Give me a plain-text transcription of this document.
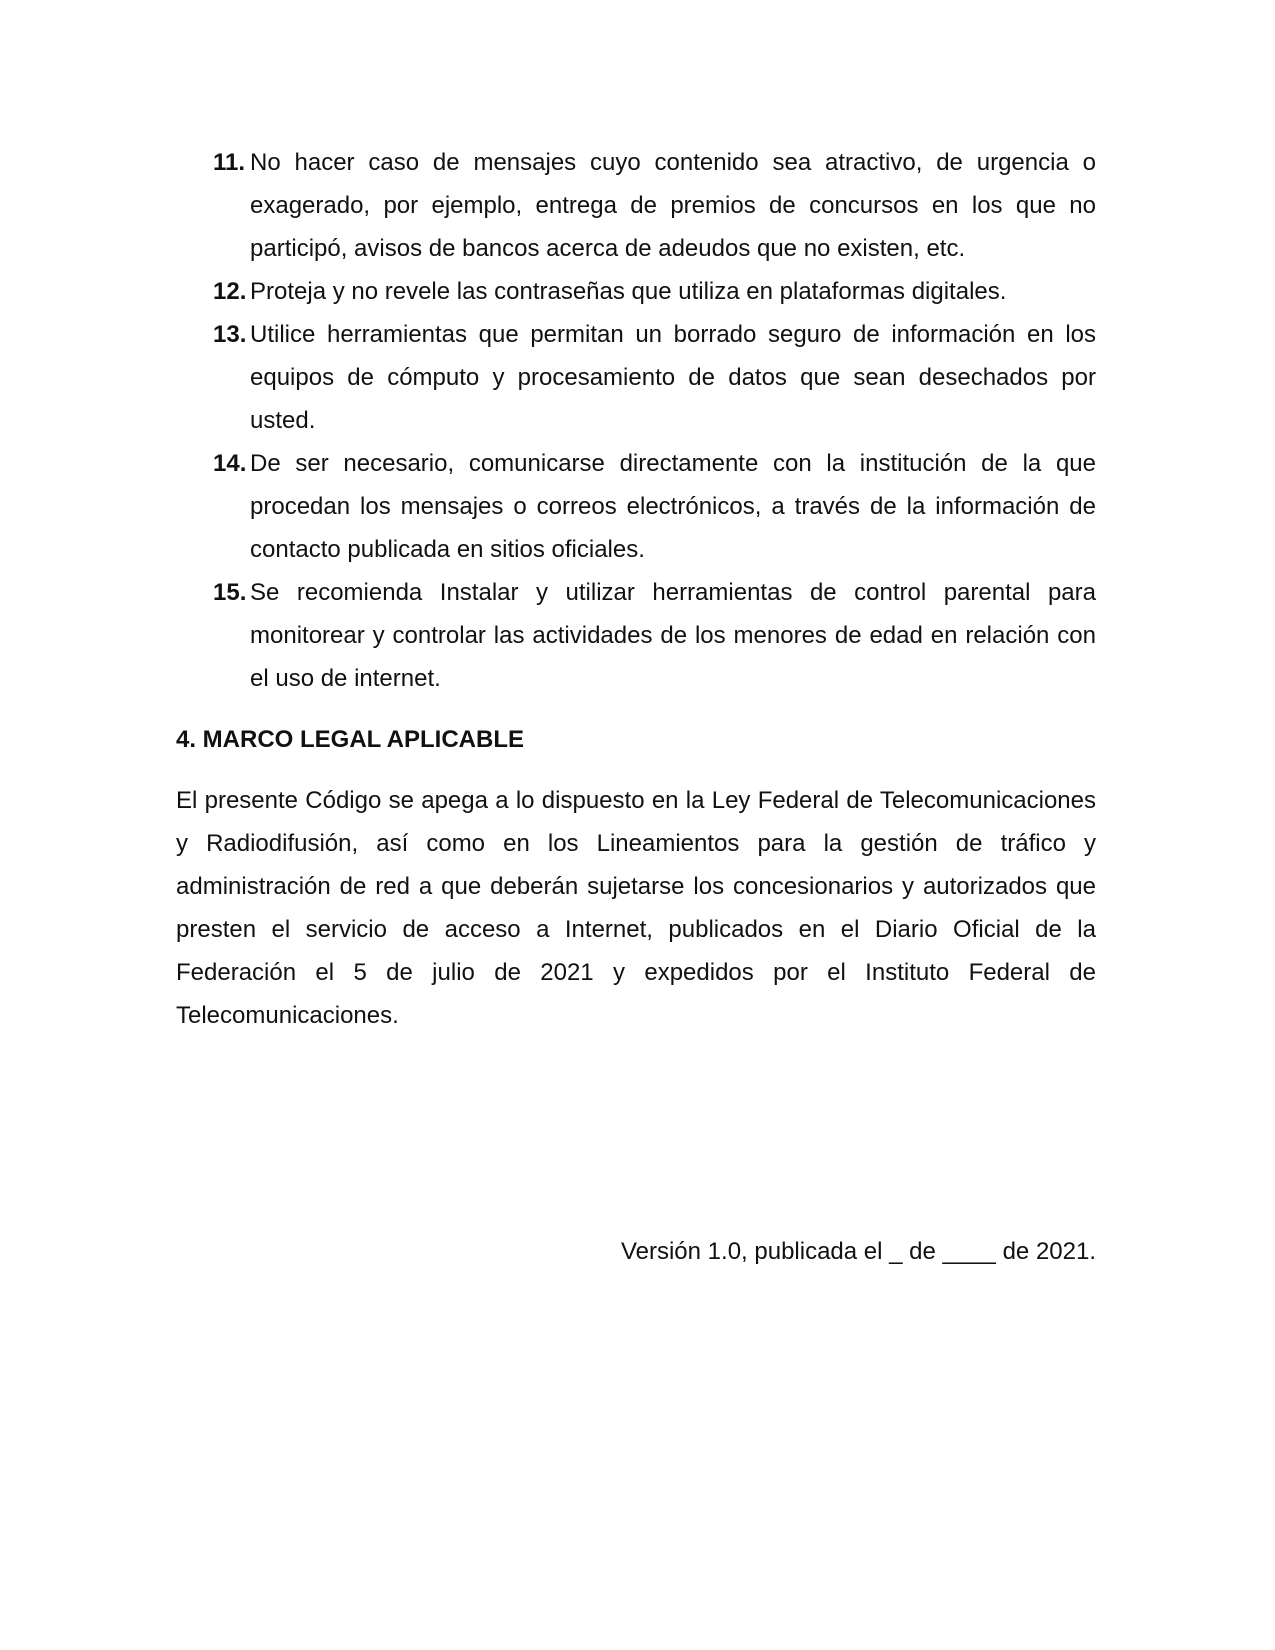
11. No hacer caso de mensajes cuyo contenido sea atractivo, de urgencia o exagerado, por ejemplo, entrega de premios de concursos en los que no participó, avisos de bancos acerca de adeudos que no existen, etc.
12. Proteja y no revele las contraseñas que utiliza en plataformas digitales.
13. Utilice herramientas que permitan un borrado seguro de información en los equipos de cómputo y procesamiento de datos que sean desechados por usted.
14. De ser necesario, comunicarse directamente con la institución de la que procedan los mensajes o correos electrónicos, a través de la información de contacto publicada en sitios oficiales.
15. Se recomienda Instalar y utilizar herramientas de control parental para monitorear y controlar las actividades de los menores de edad en relación con el uso de internet.
4. MARCO LEGAL APLICABLE

El presente Código se apega a lo dispuesto en la Ley Federal de Telecomunicaciones y Radiodifusión, así como en los Lineamientos para la gestión de tráfico y administración de red a que deberán sujetarse los concesionarios y autorizados que presten el servicio de acceso a Internet, publicados en el Diario Oficial de la Federación el 5 de julio de 2021 y expedidos por el Instituto Federal de Telecomunicaciones.

Versión 1.0, publicada el _ de ____ de 2021.
